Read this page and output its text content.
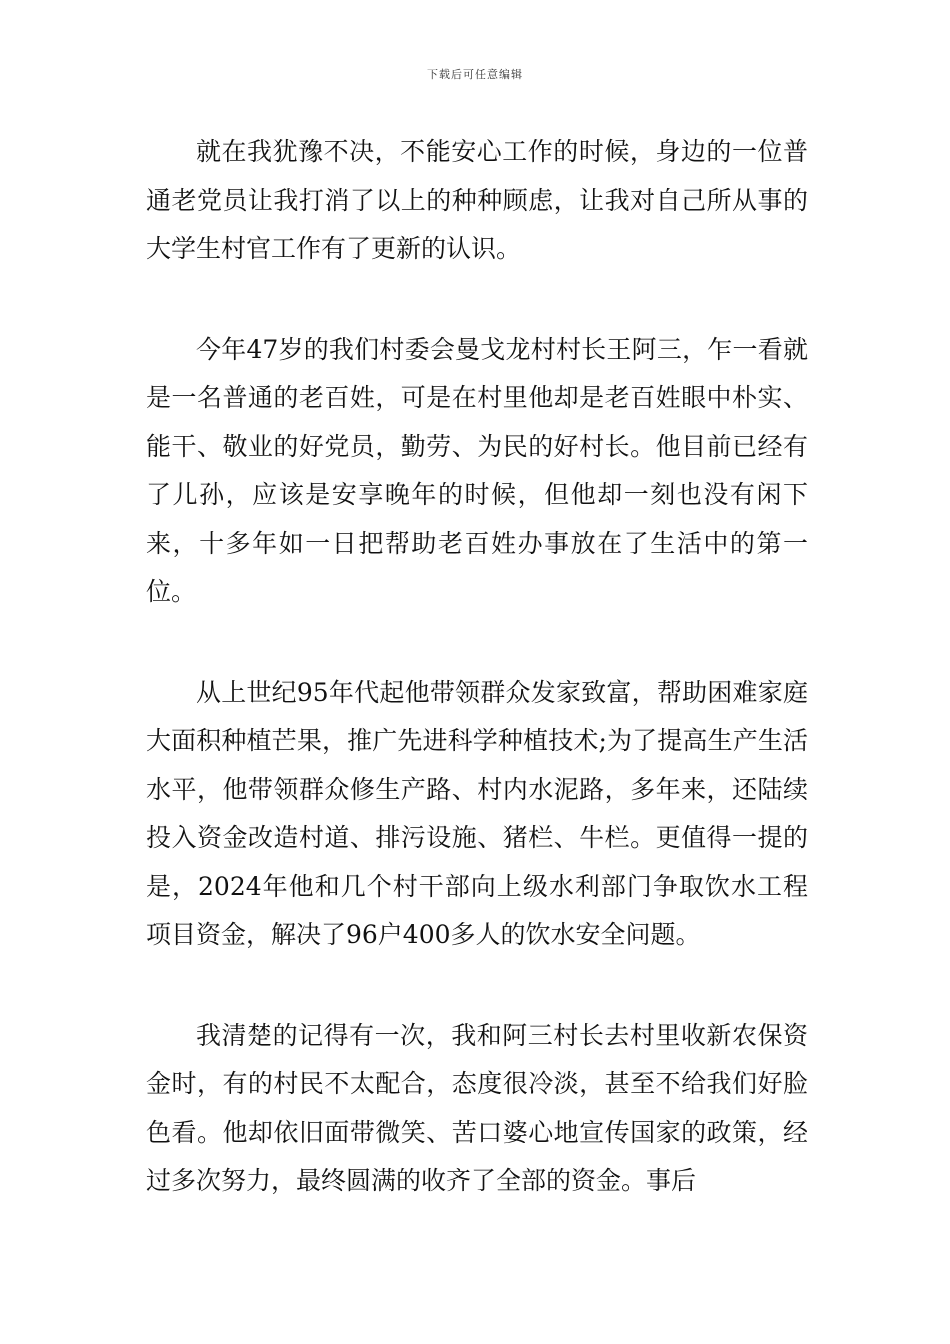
下载后可任意编辑

就在我犹豫不决，不能安心工作的时候，身边的一位普通老党员让我打消了以上的种种顾虑，让我对自己所从事的大学生村官工作有了更新的认识。

今年47岁的我们村委会曼戈龙村村长王阿三，乍一看就是一名普通的老百姓，可是在村里他却是老百姓眼中朴实、能干、敬业的好党员，勤劳、为民的好村长。他目前已经有了儿孙，应该是安享晚年的时候，但他却一刻也没有闲下来，十多年如一日把帮助老百姓办事放在了生活中的第一位。

从上世纪95年代起他带领群众发家致富，帮助困难家庭大面积种植芒果，推广先进科学种植技术;为了提高生产生活水平，他带领群众修生产路、村内水泥路，多年来，还陆续投入资金改造村道、排污设施、猪栏、牛栏。更值得一提的是，2024年他和几个村干部向上级水利部门争取饮水工程项目资金，解决了96户400多人的饮水安全问题。

我清楚的记得有一次，我和阿三村长去村里收新农保资金时，有的村民不太配合，态度很冷淡，甚至不给我们好脸色看。他却依旧面带微笑、苦口婆心地宣传国家的政策，经过多次努力，最终圆满的收齐了全部的资金。事后
